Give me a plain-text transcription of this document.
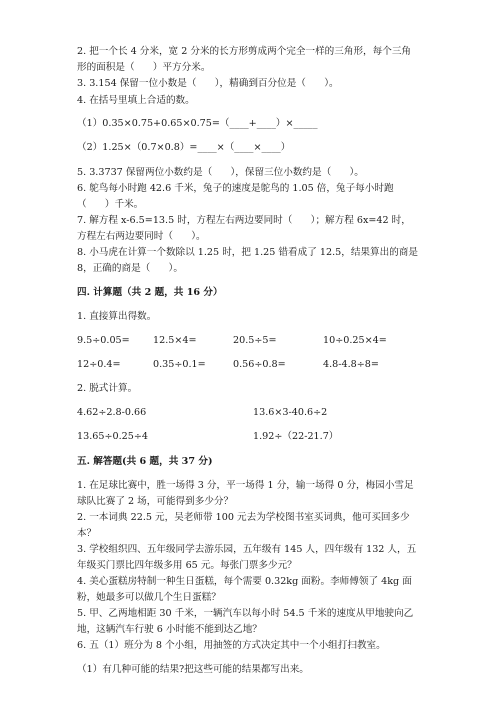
2. 把一个长 4 分米，宽 2 分米的长方形剪成两个完全一样的三角形，每个三角
形的面积是（      ）平方分米。
3. 3.154 保留一位小数是（      ），精确到百分位是（      ）。
4. 在括号里填上合适的数。
（1）0.35×0.75+0.65×0.75=（____+____）×_____
（2）1.25×（0.7×0.8）=____×（____×____）
5. 3.3737 保留两位小数约是（      ），保留三位小数约是（      ）。
6. 鸵鸟每小时跑 42.6 千米，兔子的速度是鸵鸟的 1.05 倍，兔子每小时跑
（      ）千米。
7. 解方程 x-6.5=13.5 时，方程左右两边要同时（      ）；解方程 6x=42 时，
方程左右两边要同时（      ）。
8. 小马虎在计算一个数除以 1.25 时，把 1.25 错看成了 12.5，结果算出的商是
8，正确的商是（      ）。
四. 计算题（共 2 题，共 16 分）
1. 直接算出得数。
9.5÷0.05= 12.5×4=	20.5÷5=	10÷0.25×4=
12÷0.4=	0.35÷0.1=	0.56÷0.8=	4.8-4.8÷8=
2. 脱式计算。
4.62÷2.8-0.66	13.6×3-40.6÷2
13.65÷0.25÷4	1.92÷（22-21.7）
五. 解答题(共 6 题，共 37 分)
1. 在足球比赛中，胜一场得 3 分，平一场得 1 分，输一场得 0 分，梅园小雪足
球队比赛了 2 场，可能得到多少分？
2. 一本词典 22.5 元，吴老师带 100 元去为学校图书室买词典，他可买回多少
本？
3. 学校组织四、五年级同学去游乐园，五年级有 145 人，四年级有 132 人，五
年级买门票比四年级多用 65 元。每张门票多少元？
4. 美心蛋糕房特制一种生日蛋糕，每个需要 0.32kg 面粉。李师傅领了 4kg 面
粉，她最多可以做几个生日蛋糕？
5. 甲、乙两地相距 30 千米，一辆汽车以每小时 54.5 千米的速度从甲地驶向乙
地，这辆汽车行驶 6 小时能不能到达乙地？
6. 五（1）班分为 8 个小组，用抽签的方式决定其中一个小组打扫教室。
（1）有几种可能的结果?把这些可能的结果都写出来。
